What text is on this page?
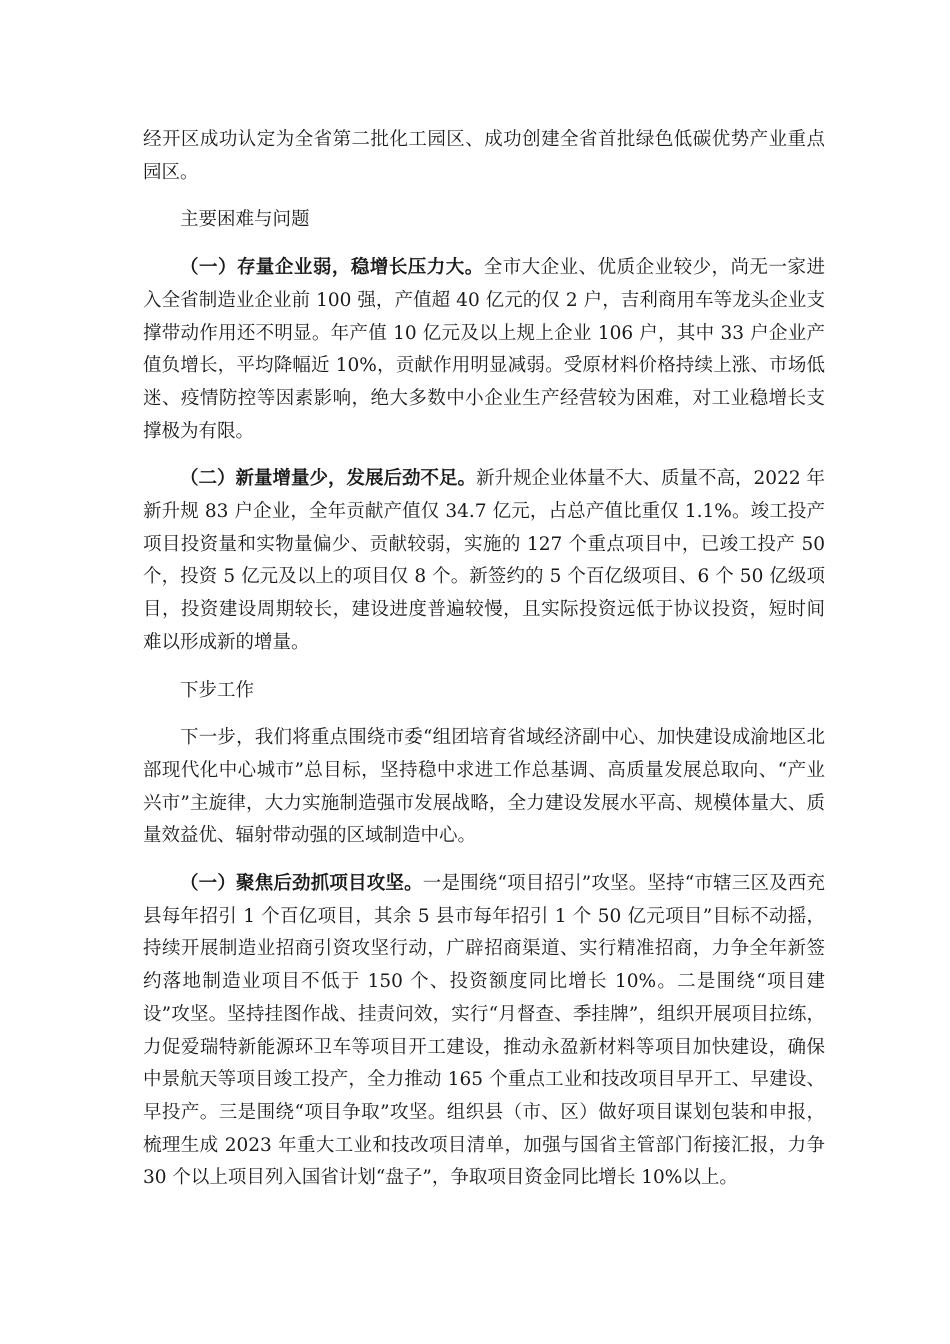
经开区成功认定为全省第二批化工园区、成功创建全省首批绿色低碳优势产业重点园区。

主要困难与问题

（一）存量企业弱，稳增长压力大。全市大企业、优质企业较少，尚无一家进入全省制造业企业前 100 强，产值超 40 亿元的仅 2 户，吉利商用车等龙头企业支撑带动作用还不明显。年产值 10 亿元及以上规上企业 106 户，其中 33 户企业产值负增长，平均降幅近 10%，贡献作用明显减弱。受原材料价格持续上涨、市场低迷、疫情防控等因素影响，绝大多数中小企业生产经营较为困难，对工业稳增长支撑极为有限。

（二）新量增量少，发展后劲不足。新升规企业体量不大、质量不高，2022 年新升规 83 户企业，全年贡献产值仅 34.7 亿元，占总产值比重仅 1.1%。竣工投产项目投资量和实物量偏少、贡献较弱，实施的 127 个重点项目中，已竣工投产 50 个，投资 5 亿元及以上的项目仅 8 个。新签约的 5 个百亿级项目、6 个 50 亿级项目，投资建设周期较长，建设进度普遍较慢，且实际投资远低于协议投资，短时间难以形成新的增量。

下步工作

下一步，我们将重点围绕市委“组团培育省域经济副中心、加快建设成渝地区北部现代化中心城市”总目标，坚持稳中求进工作总基调、高质量发展总取向、“产业兴市”主旋律，大力实施制造强市发展战略，全力建设发展水平高、规模体量大、质量效益优、辐射带动强的区域制造中心。

（一）聚焦后劲抓项目攻坚。一是围绕“项目招引”攻坚。坚持“市辖三区及西充县每年招引 1 个百亿项目，其余 5 县市每年招引 1 个 50 亿元项目”目标不动摇，持续开展制造业招商引资攻坚行动，广辟招商渠道、实行精准招商，力争全年新签约落地制造业项目不低于 150 个、投资额度同比增长 10%。二是围绕“项目建设”攻坚。坚持挂图作战、挂责问效，实行“月督查、季挂牌”，组织开展项目拉练，力促爱瑞特新能源环卫车等项目开工建设，推动永盈新材料等项目加快建设，确保中景航天等项目竣工投产，全力推动 165 个重点工业和技改项目早开工、早建设、早投产。三是围绕“项目争取”攻坚。组织县（市、区）做好项目谋划包装和申报，梳理生成 2023 年重大工业和技改项目清单，加强与国省主管部门衔接汇报，力争 30 个以上项目列入国省计划“盘子”，争取项目资金同比增长 10%以上。
